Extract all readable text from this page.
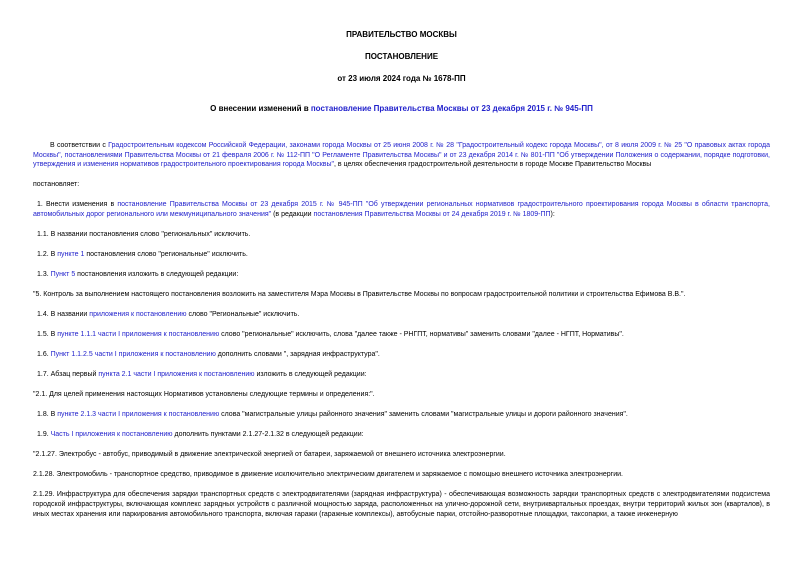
ПРАВИТЕЛЬСТВО МОСКВЫ
ПОСТАНОВЛЕНИЕ
от 23 июля 2024 года № 1678-ПП
О внесении изменений в постановление Правительства Москвы от 23 декабря 2015 г. № 945-ПП

В соответствии с Градостроительным кодексом Российской Федерации, законами города Москвы от 25 июня 2008 г. № 28 "Градостроительный кодекс города Москвы", от 8 июля 2009 г. № 25 "О правовых актах города Москвы", постановлениями Правительства Москвы от 21 февраля 2006 г. № 112-ПП "О Регламенте Правительства Москвы" и от 23 декабря 2014 г. № 801-ПП "Об утверждении Положения о содержании, порядке подготовки, утверждения и изменения нормативов градостроительного проектирования города Москвы", в целях обеспечения градостроительной деятельности в городе Москве Правительство Москвы

постановляет:

1. Внести изменения в постановление Правительства Москвы от 23 декабря 2015 г. № 945-ПП "Об утверждении региональных нормативов градостроительного проектирования города Москвы в области транспорта, автомобильных дорог регионального или межмуниципального значения" (в редакции постановления Правительства Москвы от 24 декабря 2019 г. № 1809-ПП):

1.1. В названии постановления слово "региональных" исключить.

1.2. В пункте 1 постановления слово "региональные" исключить.

1.3. Пункт 5 постановления изложить в следующей редакции:

"5. Контроль за выполнением настоящего постановления возложить на заместителя Мэра Москвы в Правительстве Москвы по вопросам градостроительной политики и строительства Ефимова В.В.".

1.4. В названии приложения к постановлению слово "Региональные" исключить.

1.5. В пункте 1.1.1 части I приложения к постановлению слово "региональные" исключить, слова "далее также - РНГПТ, нормативы" заменить словами "далее - НГПТ, Нормативы".

1.6. Пункт 1.1.2.5 части I приложения к постановлению дополнить словами ", зарядная инфраструктура".

1.7. Абзац первый пункта 2.1 части I приложения к постановлению изложить в следующей редакции:

"2.1. Для целей применения настоящих Нормативов установлены следующие термины и определения:".

1.8. В пункте 2.1.3 части I приложения к постановлению слова "магистральные улицы районного значения" заменить словами "магистральные улицы и дороги районного значения".

1.9. Часть I приложения к постановлению дополнить пунктами 2.1.27-2.1.32 в следующей редакции:

"2.1.27. Электробус - автобус, приводимый в движение электрической энергией от батареи, заряжаемой от внешнего источника электроэнергии.

2.1.28. Электромобиль - транспортное средство, приводимое в движение исключительно электрическим двигателем и заряжаемое с помощью внешнего источника электроэнергии.

2.1.29. Инфраструктура для обеспечения зарядки транспортных средств с электродвигателями (зарядная инфраструктура) - обеспечивающая возможность зарядки транспортных средств с электродвигателями подсистема городской инфраструктуры, включающая комплекс зарядных устройств с различной мощностью заряда, расположенных на улично-дорожной сети, внутриквартальных проездах, внутри территорий жилых зон (кварталов), в иных местах хранения или паркирования автомобильного транспорта, включая гаражи (гаражные комплексы), автобусные парки, отстойно-разворотные площадки, таксопарки, а также инженерную
